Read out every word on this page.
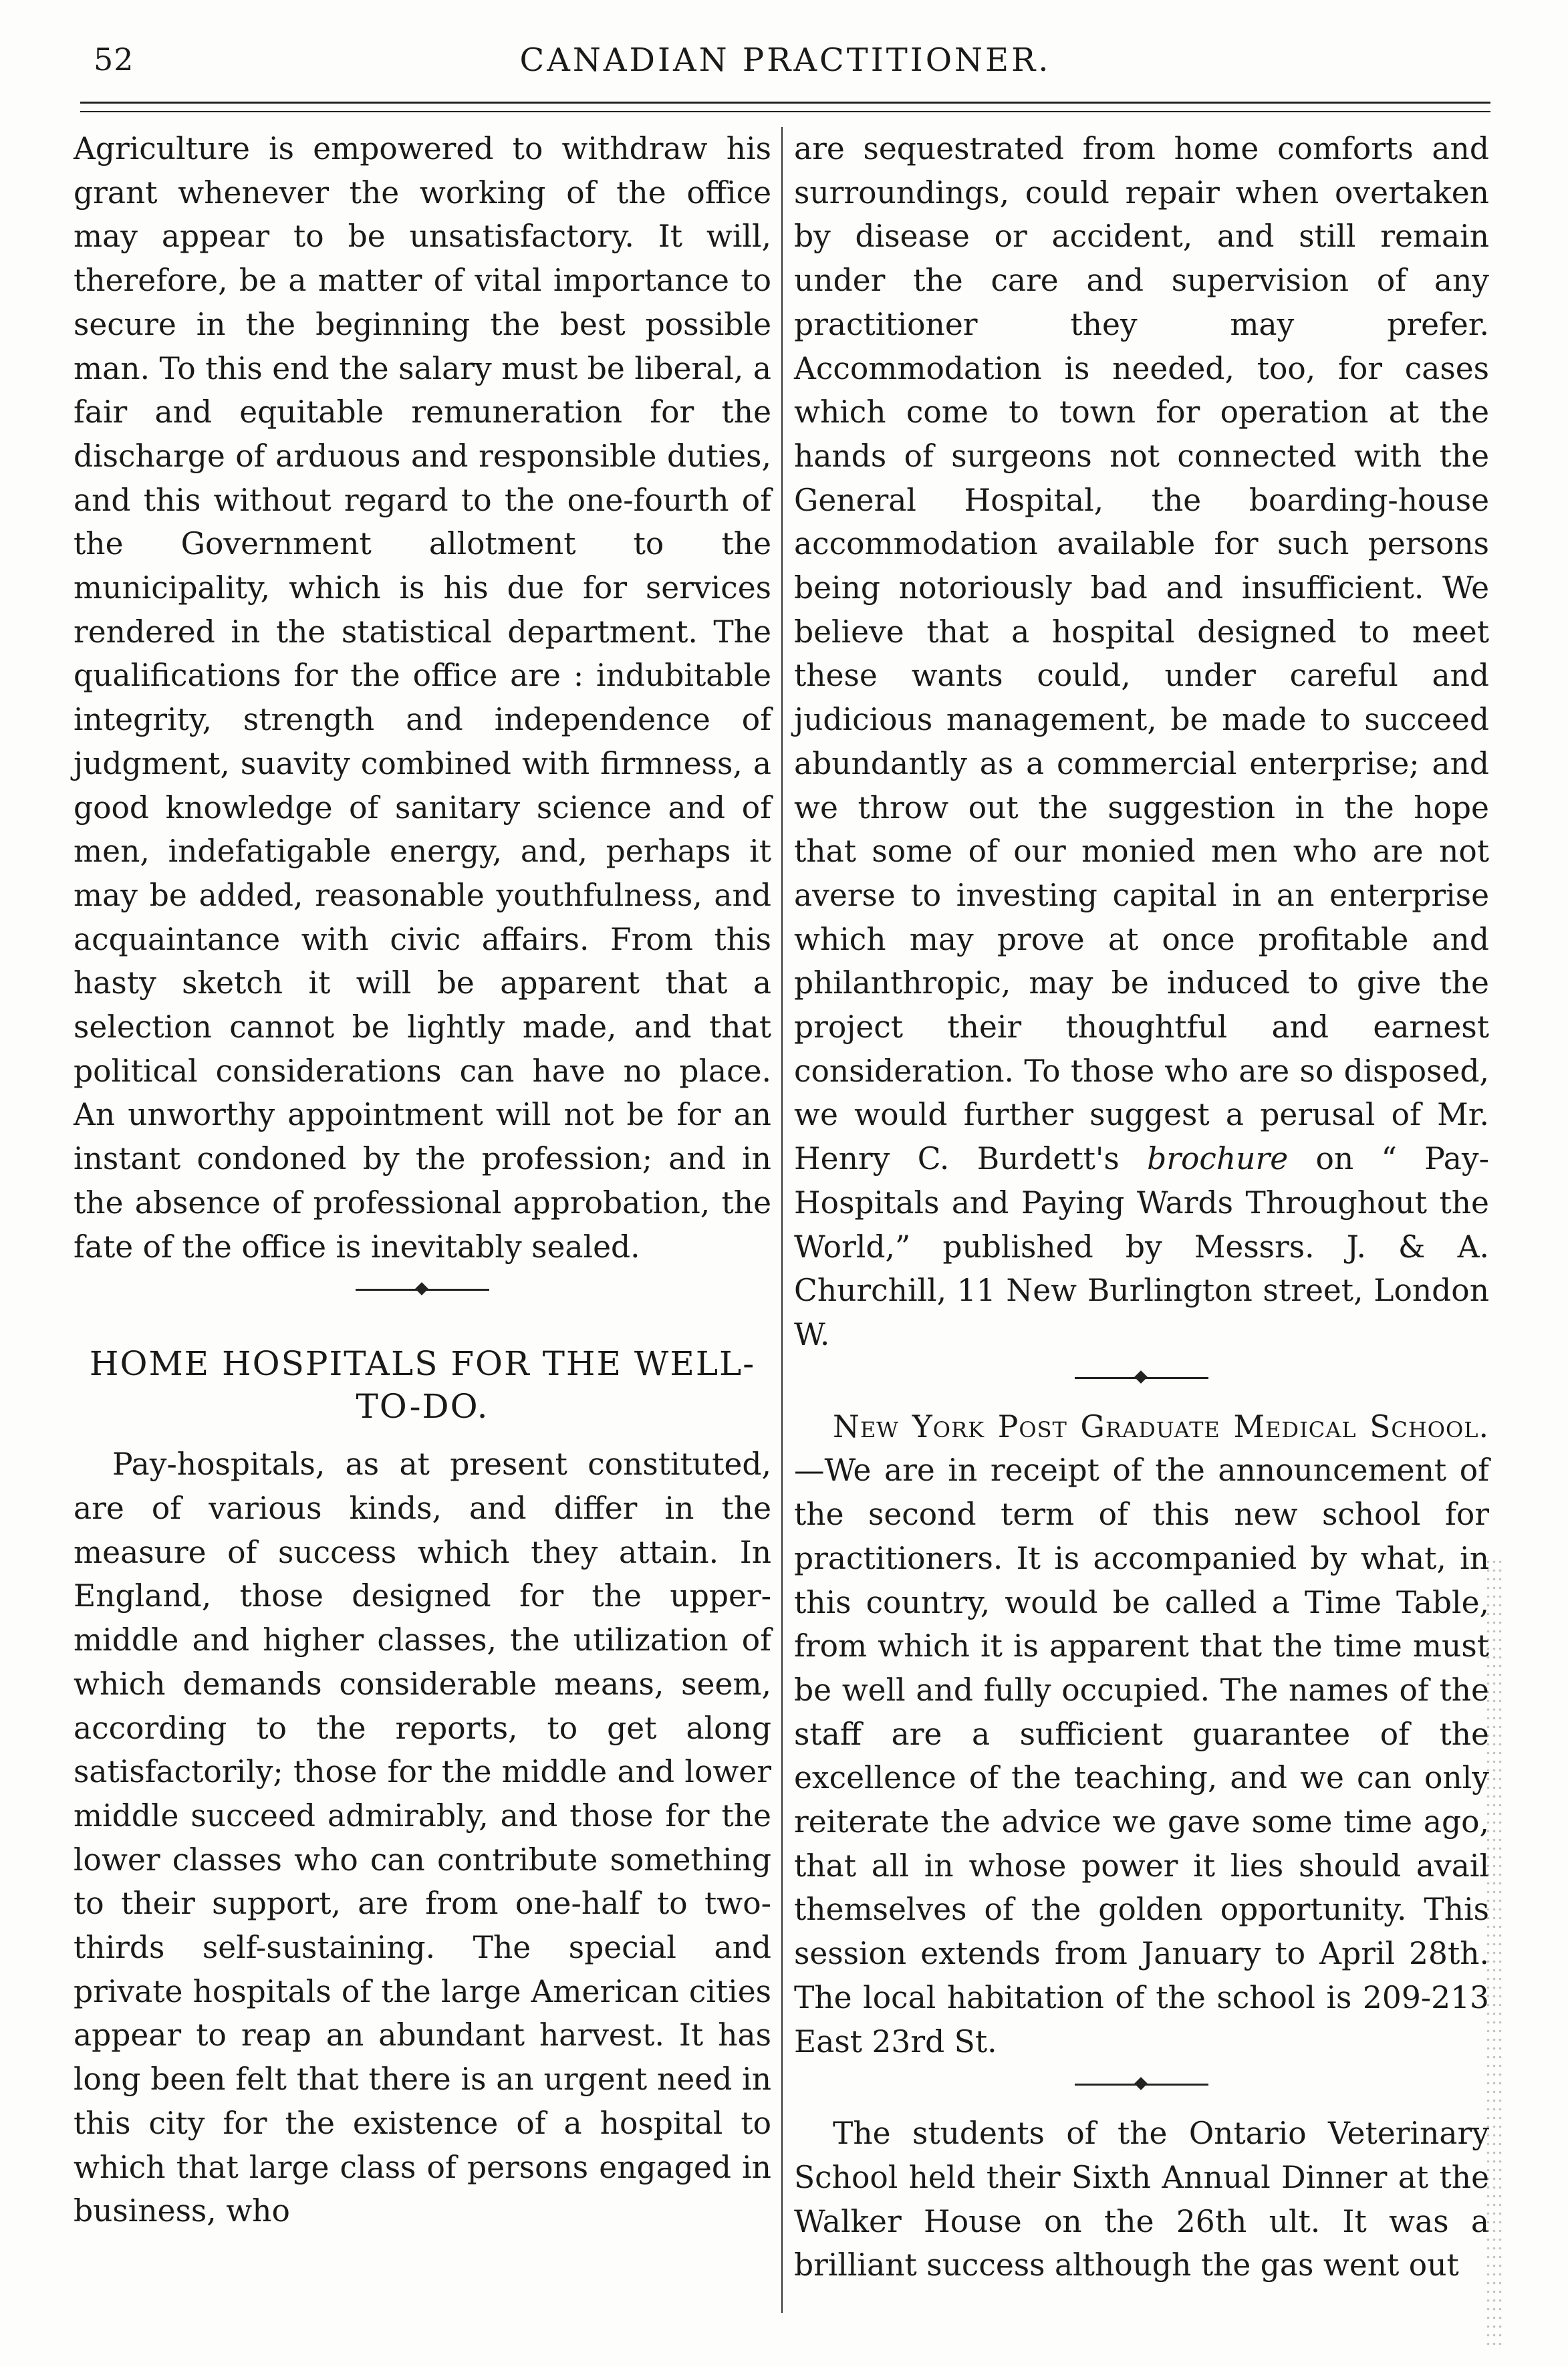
52	CANADIAN PRACTITIONER.

Agriculture is empowered to withdraw his grant whenever the working of the office may appear to be unsatisfactory. It will, therefore, be a matter of vital importance to secure in the beginning the best possible man. To this end the salary must be liberal, a fair and equitable remuneration for the discharge of arduous and responsible duties, and this without regard to the one-fourth of the Government allotment to the municipality, which is his due for services rendered in the statistical department. The qualifications for the office are : indubitable integrity, strength and independence of judgment, suavity combined with firmness, a good knowledge of sanitary science and of men, indefatigable energy, and, perhaps it may be added, reasonable youthfulness, and acquaintance with civic affairs. From this hasty sketch it will be apparent that a selection cannot be lightly made, and that political considerations can have no place. An unworthy appointment will not be for an instant condoned by the profession; and in the absence of professional approbation, the fate of the office is inevitably sealed.

HOME HOSPITALS FOR THE WELL-TO-DO.

Pay-hospitals, as at present constituted, are of various kinds, and differ in the measure of success which they attain. In England, those designed for the upper-middle and higher classes, the utilization of which demands considerable means, seem, according to the reports, to get along satisfactorily; those for the middle and lower middle succeed admirably, and those for the lower classes who can contribute something to their support, are from one-half to two-thirds self-sustaining. The special and private hospitals of the large American cities appear to reap an abundant harvest. It has long been felt that there is an urgent need in this city for the existence of a hospital to which that large class of persons engaged in business, who

are sequestrated from home comforts and surroundings, could repair when overtaken by disease or accident, and still remain under the care and supervision of any practitioner they may prefer. Accommodation is needed, too, for cases which come to town for operation at the hands of surgeons not connected with the General Hospital, the boarding-house accommodation available for such persons being notoriously bad and insufficient. We believe that a hospital designed to meet these wants could, under careful and judicious management, be made to succeed abundantly as a commercial enterprise; and we throw out the suggestion in the hope that some of our monied men who are not averse to investing capital in an enterprise which may prove at once profitable and philanthropic, may be induced to give the project their thoughtful and earnest consideration. To those who are so disposed, we would further suggest a perusal of Mr. Henry C. Burdett's brochure on “ Pay-Hospitals and Paying Wards Throughout the World,” published by Messrs. J. & A. Churchill, 11 New Burlington street, London W.

New York Post Graduate Medical School.—We are in receipt of the announcement of the second term of this new school for practitioners. It is accompanied by what, in this country, would be called a Time Table, from which it is apparent that the time must be well and fully occupied. The names of the staff are a sufficient guarantee of the excellence of the teaching, and we can only reiterate the advice we gave some time ago, that all in whose power it lies should avail themselves of the golden opportunity. This session extends from January to April 28th. The local habitation of the school is 209-213 East 23rd St.

The students of the Ontario Veterinary School held their Sixth Annual Dinner at the Walker House on the 26th ult. It was a brilliant success although the gas went out
